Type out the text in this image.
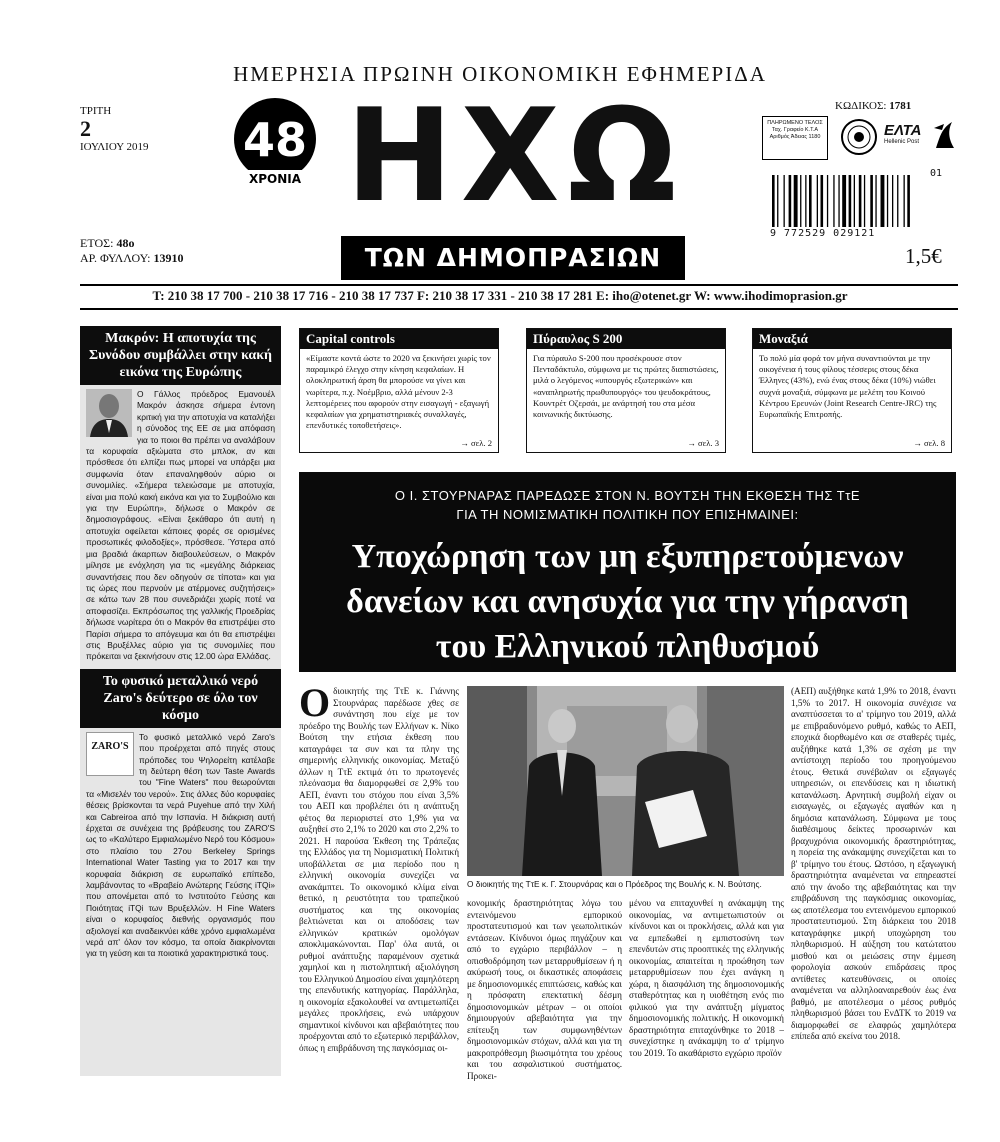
ΗΜΕΡΗΣΙΑ ΠΡΩΙΝΗ ΟΙΚΟΝΟΜΙΚΗ ΕΦΗΜΕΡΙΔΑ
ΤΡΙΤΗ
2
ΙΟΥΛΙΟΥ 2019 48
ΧΡΟΝΙΑ ΗΧΩ
ΤΩΝ ΔΗΜΟΠΡΑΣΙΩΝ
ΕΤΟΣ: 48ο
ΑΡ. ΦΥΛΛΟΥ: 13910
ΚΩΔΙΚΟΣ: 1781
ΠΛΗΡΩΜΕΝΟ ΤΕΛΟΣ Ταχ. Γραφείο Κ.Τ.Α Αριθμός Άδειας 1180	ΕΛΤΑ
Hellenic Post
01
9 772529 029121
1,5€
T: 210 38 17 700 - 210 38 17 716 - 210 38 17 737 F: 210 38 17 331 - 210 38 17 281 E: iho@otenet.gr W: www.ihodimoprasion.gr
Μακρόν: Η αποτυχία της Συνόδου συμβάλλει στην κακή εικόνα της Ευρώπης
Ο Γάλλος πρόεδρος Εμανουέλ Μακρόν άσκησε σήμερα έντονη κριτική για την αποτυχία να καταλήξει η σύνοδος της ΕΕ σε μια απόφαση για το ποιοι θα πρέπει να αναλάβουν τα κορυφαία αξιώματα στο μπλοκ, αν και πρόσθεσε ότι ελπίζει πως μπορεί να υπάρξει μια συμφωνία όταν επαναληφθούν αύριο οι συνομιλίες. «Σήμερα τελειώσαμε με αποτυχία, είναι μια πολύ κακή εικόνα και για το Συμβούλιο και για την Ευρώπη», δήλωσε ο Μακρόν σε δημοσιογράφους. «Είναι ξεκάθαρο ότι αυτή η αποτυχία οφείλεται κάποιες φορές σε ορισμένες προσωπικές φιλοδοξίες», πρόσθεσε. Ύστερα από μια βραδιά άκαρπων διαβουλεύσεων, ο Μακρόν μίλησε με ενόχληση για τις «μεγάλης διάρκειας συναντήσεις που δεν οδηγούν σε τίποτα» και για τις ώρες που περνούν με ατέρμονες συζητήσεις» σε κάτω των 28 που συνεδριάζει χωρίς ποτέ να αποφασίζει. Εκπρόσωπος της γαλλικής Προεδρίας δήλωσε νωρίτερα ότι ο Μακρόν θα επιστρέψει στο Παρίσι σήμερα το απόγευμα και ότι θα επιστρέψει στις Βρυξέλλες αύριο για τις συνομιλίες που πρόκειται να ξεκινήσουν στις 12.00 ώρα Ελλάδας.
Το φυσικό μεταλλικό νερό Zaro's δεύτερο σε όλο τον κόσμο
ZARO'S
Το φυσικό μεταλλικό νερό Zaro's που προέρχεται από πηγές στους πρόποδες του Ψηλορείτη κατέλαβε τη δεύτερη θέση των Taste Awards του "Fine Waters" που θεωρούνται τα «Μισελέν του νερού». Στις άλλες δύο κορυφαίες θέσεις βρίσκονται τα νερά Puyehue από την Χιλή και Cabreiroa από την Ισπανία. Η διάκριση αυτή έρχεται σε συνέχεια της βράβευσης του ZARO'S ως το «Καλύτερο Εμφιαλωμένο Νερό του Κόσμου» στο πλαίσιο του 27ου Berkeley Springs International Water Tasting για το 2017 και την κορυφαία διάκριση σε ευρωπαϊκό επίπεδο, λαμβάνοντας το «Βραβείο Ανώτερης Γεύσης iTQi» που απονέμεται από το Ινστιτούτο Γεύσης και Ποιότητας iTQi των Βρυξελλών. Η Fine Waters είναι ο κορυφαίος διεθνής οργανισμός που αξιολογεί και αναδεικνύει κάθε χρόνο εμφιαλωμένα νερά απ' όλον τον κόσμο, τα οποία διακρίνονται για τη γεύση και τα ποιοτικά χαρακτηριστικά τους.
Capital controls
«Είμαστε κοντά ώστε το 2020 να ξεκινήσει χωρίς τον παραμικρό έλεγχο στην κίνηση κεφαλαίων. Η ολοκληρωτική άρση θα μπορούσε να γίνει και νωρίτερα, π.χ. Νοέμβριο, αλλά μένουν 2-3 λεπτομέρειες που αφορούν στην εισαγωγή - εξαγωγή κεφαλαίων για χρηματιστηριακές συναλλαγές, επενδυτικές τοποθετήσεις».
→ σελ. 2
Πύραυλος S 200
Για πύραυλο S-200 που προσέκρουσε στον Πενταδάκτυλο, σύμφωνα με τις πρώτες διαπιστώσεις, μιλά ο λεγόμενος «υπουργός εξωτερικών» και «αναπληρωτής πρωθυπουργός» του ψευδοκράτους, Κουντρέτ Οζερσάι, με ανάρτησή του στα μέσα κοινωνικής δικτύωσης.
→ σελ. 3
Μοναξιά
Το πολύ μία φορά τον μήνα συναντιούνται με την οικογένεια ή τους φίλους τέσσερις στους δέκα Έλληνες (43%), ενώ ένας στους δέκα (10%) νιώθει συχνά μοναξιά, σύμφωνα με μελέτη του Κοινού Κέντρου Ερευνών (Joint Research Centre-JRC) της Ευρωπαϊκής Επιτροπής.
→ σελ. 8
Ο Ι. ΣΤΟΥΡΝΑΡΑΣ ΠΑΡΕΔΩΣΕ ΣΤΟΝ Ν. ΒΟΥΤΣΗ ΤΗΝ ΕΚΘΕΣΗ ΤΗΣ ΤτΕ
ΓΙΑ ΤΗ ΝΟΜΙΣΜΑΤΙΚΗ ΠΟΛΙΤΙΚΗ ΠΟΥ ΕΠΙΣΗΜΑΙΝΕΙ:
Υποχώρηση των μη εξυπηρετούμενων
δανείων και ανησυχία για την γήρανση
του Ελληνικού πληθυσμού
Οδιοικητής της ΤτΕ κ. Γιάννης Στουρνάρας παρέδωσε χθες σε συνάντηση που είχε με τον πρόεδρο της Βουλής των Ελλήνων κ. Νίκο Βούτση την ετήσια έκθεση που καταγράφει τα συν και τα πλην της σημερινής ελληνικής οικονομίας. Μεταξύ άλλων η ΤτΕ εκτιμά ότι το πρωτογενές πλεόνασμα θα διαμορφωθεί σε 2,9% του ΑΕΠ, έναντι του στόχου που είναι 3,5% του ΑΕΠ και προβλέπει ότι η ανάπτυξη φέτος θα περιοριστεί στο 1,9% για να αυξηθεί στο 2,1% το 2020 και στο 2,2% το 2021. Η παρούσα Έκθεση της Τράπεζας της Ελλάδος για τη Νομισματική Πολιτική υποβάλλεται σε μια περίοδο που η ελληνική οικονομία συνεχίζει να ανακάμπτει. Το οικονομικό κλίμα είναι θετικό, η ρευστότητα του τραπεζικού συστήματος και της οικονομίας βελτιώνεται και οι αποδόσεις των ελληνικών κρατικών ομολόγων αποκλιμακώνονται. Παρ' όλα αυτά, οι ρυθμοί ανάπτυξης παραμένουν σχετικά χαμηλοί και η πιστοληπτική αξιολόγηση του Ελληνικού Δημοσίου είναι χαμηλότερη της επενδυτικής κατηγορίας. Παράλληλα, η οικονομία εξακολουθεί να αντιμετωπίζει μεγάλες προκλήσεις, ενώ υπάρχουν σημαντικοί κίνδυνοι και αβεβαιότητες που προέρχονται από το εξωτερικό περιβάλλον, όπως η επιβράδυνση της παγκόσμιας οι-
Ο διοικητής της ΤτΕ κ. Γ. Στουρνάρας και ο Πρόεδρος της Βουλής κ. Ν. Βούτσης.
κονομικής δραστηριότητας λόγω του εντεινόμενου εμπορικού προστατευτισμού και των γεωπολιτικών εντάσεων. Κίνδυνοι όμως πηγάζουν και από το εγχώριο περιβάλλον – η οπισθοδρόμηση των μεταρρυθμίσεων ή η ακύρωσή τους, οι δικαστικές αποφάσεις με δημοσιονομικές επιπτώσεις, καθώς και η πρόσφατη επεκτατική δέσμη δημοσιονομικών μέτρων – οι οποίοι δημιουργούν αβεβαιότητα για την επίτευξη των συμφωνηθέντων δημοσιονομικών στόχων, αλλά και για τη μακροπρόθεσμη βιωσιμότητα του χρέους και του ασφαλιστικού συστήματος. Προκει-
μένου να επιταχυνθεί η ανάκαμψη της οικονομίας, να αντιμετωπιστούν οι κίνδυνοι και οι προκλήσεις, αλλά και για να εμπεδωθεί η εμπιστοσύνη των επενδυτών στις προοπτικές της ελληνικής οικονομίας, απαιτείται η προώθηση των μεταρρυθμίσεων που έχει ανάγκη η χώρα, η διασφάλιση της δημοσιονομικής σταθερότητας και η υιοθέτηση ενός πιο φιλικού για την ανάπτυξη μίγματος δημοσιονομικής πολιτικής. Η οικονομική δραστηριότητα επιταχύνθηκε το 2018 – συνεχίστηκε η ανάκαμψη το α' τρίμηνο του 2019. Το ακαθάριστο εγχώριο προϊόν
(ΑΕΠ) αυξήθηκε κατά 1,9% το 2018, έναντι 1,5% το 2017. Η οικονομία συνέχισε να αναπτύσσεται το α' τρίμηνο του 2019, αλλά με επιβραδυνόμενο ρυθμό, καθώς το ΑΕΠ, εποχικά διορθωμένο και σε σταθερές τιμές, αυξήθηκε κατά 1,3% σε σχέση με την αντίστοιχη περίοδο του προηγούμενου έτους. Θετικά συνέβαλαν οι εξαγωγές υπηρεσιών, οι επενδύσεις και η ιδιωτική κατανάλωση. Αρνητική συμβολή είχαν οι εισαγωγές, οι εξαγωγές αγαθών και η δημόσια κατανάλωση. Σύμφωνα με τους διαθέσιμους δείκτες προσωρινών και βραχυχρόνια οικονομικής δραστηριότητας, η πορεία της ανάκαμψης συνεχίζεται και το β' τρίμηνο του έτους. Ωστόσο, η εξαγωγική δραστηριότητα αναμένεται να επηρεαστεί από την άνοδο της αβεβαιότητας και την επιβράδυνση της παγκόσμιας οικονομίας, ως αποτέλεσμα του εντεινόμενου εμπορικού προστατευτισμού. Στη διάρκεια του 2018 καταγράφηκε μικρή υποχώρηση του πληθωρισμού. Η αύξηση του κατώτατου μισθού και οι μειώσεις στην έμμεση φορολογία ασκούν επιδράσεις προς αντίθετες κατευθύνσεις, οι οποίες αναμένεται να αλληλοαναιρεθούν έως ένα βαθμό, με αποτέλεσμα ο μέσος ρυθμός πληθωρισμού βάσει του ΕνΔΤΚ το 2019 να διαμορφωθεί σε ελαφρώς χαμηλότερα επίπεδα από εκείνα του 2018.
